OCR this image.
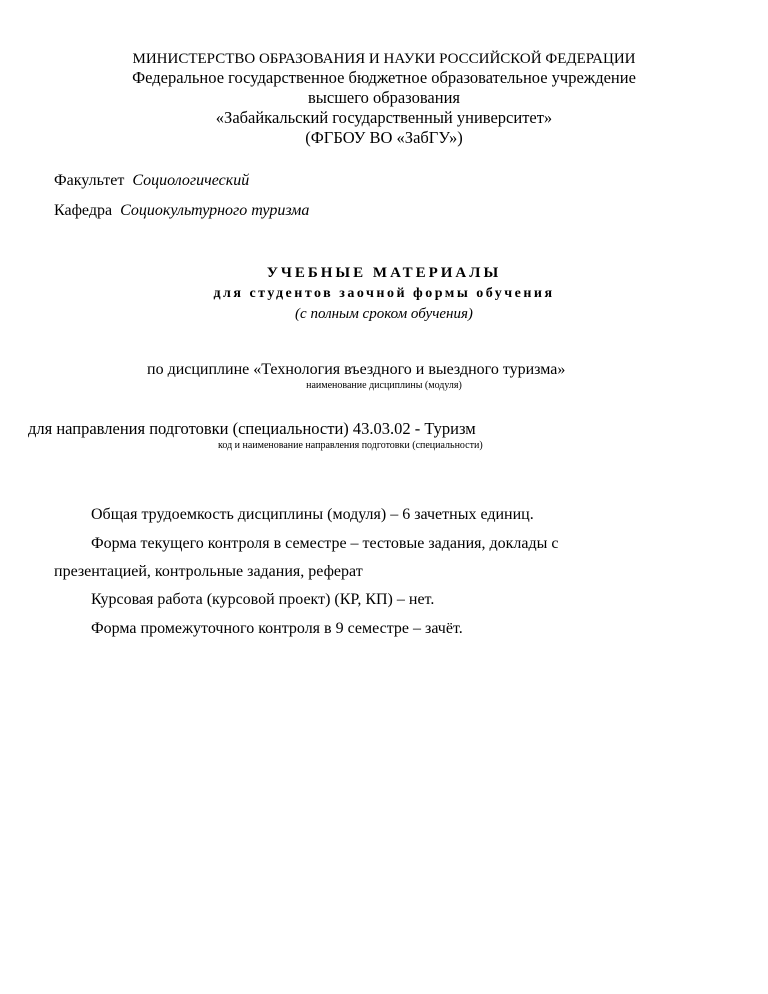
МИНИСТЕРСТВО ОБРАЗОВАНИЯ И НАУКИ РОССИЙСКОЙ ФЕДЕРАЦИИ
Федеральное государственное бюджетное образовательное учреждение
высшего образования
«Забайкальский государственный университет»
(ФГБОУ ВО «ЗабГУ»)
Факультет Социологический
Кафедра Социокультурного туризма
УЧЕБНЫЕ МАТЕРИАЛЫ
для студентов заочной формы обучения
(с полным сроком обучения)
по дисциплине «Технология въездного и выездного туризма»
наименование дисциплины (модуля)
для направления подготовки (специальности) 43.03.02 - Туризм
код и наименование направления подготовки (специальности)
Общая трудоемкость дисциплины (модуля) – 6 зачетных единиц.
Форма текущего контроля в семестре – тестовые задания, доклады с
презентацией, контрольные задания, реферат
Курсовая работа (курсовой проект) (КР, КП) – нет.
Форма промежуточного контроля в 9 семестре – зачёт.
